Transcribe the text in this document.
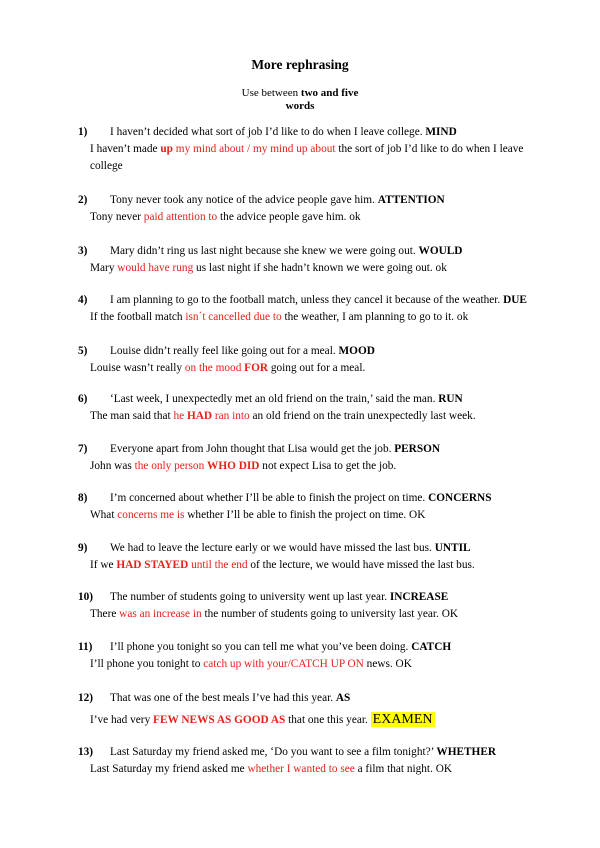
More rephrasing
Use between two and five
words
1)	I haven’t decided what sort of job I’d like to do when I leave college. MIND
I haven’t made up my mind about / my mind up about the sort of job I’d like to do when I leave college
2)	Tony never took any notice of the advice people gave him. ATTENTION
Tony never paid attention to the advice people gave him. ok
3)	Mary didn’t ring us last night because she knew we were going out. WOULD
Mary would have rung us last night if she hadn’t known we were going out. ok
4)	I am planning to go to the football match, unless they cancel it because of the weather. DUE
If the football match isn´t cancelled due to the weather, I am planning to go to it. ok
5)	Louise didn’t really feel like going out for a meal. MOOD
Louise wasn’t really on the mood FOR going out for a meal.
6)	‘Last week, I unexpectedly met an old friend on the train,’ said the man. RUN
The man said that he HAD ran into an old friend on the train unexpectedly last week.
7)	Everyone apart from John thought that Lisa would get the job. PERSON
John was the only person WHO DID not expect Lisa to get the job.
8)	I’m concerned about whether I’ll be able to finish the project on time. CONCERNS
What concerns me is whether I’ll be able to finish the project on time. OK
9)	We had to leave the lecture early or we would have missed the last bus. UNTIL
If we HAD STAYED until the end of the lecture, we would have missed the last bus.
10)	The number of students going to university went up last year. INCREASE
There was an increase in the number of students going to university last year. OK
11)	I’ll phone you tonight so you can tell me what you’ve been doing. CATCH
I’ll phone you tonight to catch up with your/CATCH UP ON news. OK
12)	That was one of the best meals I’ve had this year. AS
I’ve had very FEW NEWS AS GOOD AS that one this year. EXAMEN
13)	Last Saturday my friend asked me, ‘Do you want to see a film tonight?’ WHETHER
Last Saturday my friend asked me whether I wanted to see a film that night. OK
